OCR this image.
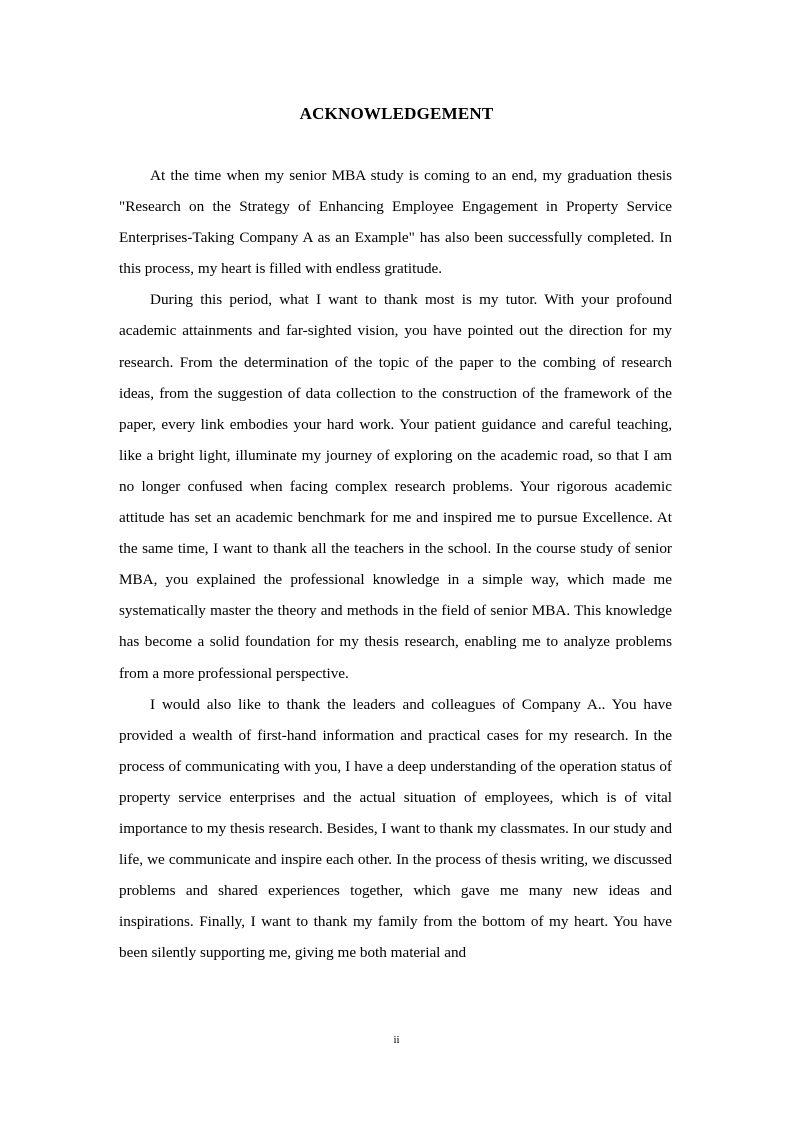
ACKNOWLEDGEMENT

At the time when my senior MBA study is coming to an end, my graduation thesis "Research on the Strategy of Enhancing Employee Engagement in Property Service Enterprises-Taking Company A as an Example" has also been successfully completed. In this process, my heart is filled with endless gratitude.

During this period, what I want to thank most is my tutor. With your profound academic attainments and far-sighted vision, you have pointed out the direction for my research. From the determination of the topic of the paper to the combing of research ideas, from the suggestion of data collection to the construction of the framework of the paper, every link embodies your hard work. Your patient guidance and careful teaching, like a bright light, illuminate my journey of exploring on the academic road, so that I am no longer confused when facing complex research problems. Your rigorous academic attitude has set an academic benchmark for me and inspired me to pursue Excellence. At the same time, I want to thank all the teachers in the school. In the course study of senior MBA, you explained the professional knowledge in a simple way, which made me systematically master the theory and methods in the field of senior MBA. This knowledge has become a solid foundation for my thesis research, enabling me to analyze problems from a more professional perspective.

I would also like to thank the leaders and colleagues of Company A.. You have provided a wealth of first-hand information and practical cases for my research. In the process of communicating with you, I have a deep understanding of the operation status of property service enterprises and the actual situation of employees, which is of vital importance to my thesis research. Besides, I want to thank my classmates. In our study and life, we communicate and inspire each other. In the process of thesis writing, we discussed problems and shared experiences together, which gave me many new ideas and inspirations. Finally, I want to thank my family from the bottom of my heart. You have been silently supporting me, giving me both material and

ii
